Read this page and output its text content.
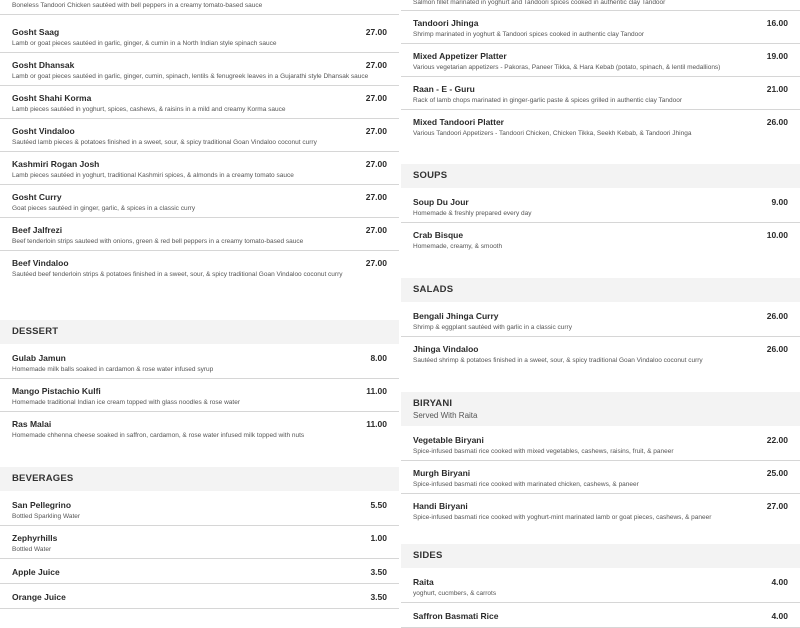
Boneless Tandoori Chicken sautéed with bell peppers in a creamy tomato-based sauce
Gosht Saag	27.00
Lamb or goat pieces sautéed in garlic, ginger, & cumin in a North Indian style spinach sauce
Gosht Dhansak	27.00
Lamb or goat pieces sautéed in garlic, ginger, cumin, spinach, lentils & fenugreek leaves in a Gujarathi style Dhansak sauce
Gosht Shahi Korma	27.00
Lamb pieces sautéed in yoghurt, spices, cashews, & raisins in a mild and creamy Korma sauce
Gosht Vindaloo	27.00
Sautéed lamb pieces & potatoes finished in a sweet, sour, & spicy traditional Goan Vindaloo coconut curry
Kashmiri Rogan Josh	27.00
Lamb pieces sautéed in yoghurt, traditional Kashmiri spices, & almonds in a creamy tomato sauce
Gosht Curry	27.00
Goat pieces sautéed in ginger, garlic, & spices in a classic curry
Beef Jalfrezi	27.00
Beef tenderloin strips sauteed with onions, green & red bell peppers in a creamy tomato-based sauce
Beef Vindaloo	27.00
Sautéed beef tenderloin strips & potatoes finished in a sweet, sour, & spicy traditional Goan Vindaloo coconut curry
DESSERT
Gulab Jamun	8.00
Homemade milk balls soaked in cardamon & rose water infused syrup
Mango Pistachio Kulfi	11.00
Homemade traditional Indian ice cream topped with glass noodles & rose water
Ras Malai	11.00
Homemade chhenna cheese soaked in saffron, cardamon, & rose water infused milk topped with nuts
BEVERAGES
San Pellegrino	5.50
Bottled Sparkling Water
Zephyrhills	1.00
Bottled Water
Apple Juice	3.50
Orange Juice	3.50
Salmon fillet marinated in yoghurt and Tandoori spices cooked in authentic clay Tandoor
Tandoori Jhinga	16.00
Shrimp marinated in yoghurt & Tandoori spices cooked in authentic clay Tandoor
Mixed Appetizer Platter	19.00
Various vegetarian appetizers - Pakoras, Paneer Tikka, & Hara Kebab (potato, spinach, & lentil medallions)
Raan - E - Guru	21.00
Rack of lamb chops marinated in ginger-garlic paste & spices grilled in authentic clay Tandoor
Mixed Tandoori Platter	26.00
Various Tandoori Appetizers - Tandoori Chicken, Chicken Tikka, Seekh Kebab, & Tandoori Jhinga
SOUPS
Soup Du Jour	9.00
Homemade & freshly prepared every day
Crab Bisque	10.00
Homemade, creamy, & smooth
SALADS
Bengali Jhinga Curry	26.00
Shrimp & eggplant sautéed with garlic in a classic curry
Jhinga Vindaloo	26.00
Sautéed shrimp & potatoes finished in a sweet, sour, & spicy traditional Goan Vindaloo coconut curry
BIRYANI
Served With Raita
Vegetable Biryani	22.00
Spice-infused basmati rice cooked with mixed vegetables, cashews, raisins, fruit, & paneer
Murgh Biryani	25.00
Spice-infused basmati rice cooked with marinated chicken, cashews, & paneer
Handi Biryani	27.00
Spice-infused basmati rice cooked with yoghurt-mint marinated lamb or goat pieces, cashews, & paneer
SIDES
Raita	4.00
yoghurt, cucmbers, & carrots
Saffron Basmati Rice	4.00
